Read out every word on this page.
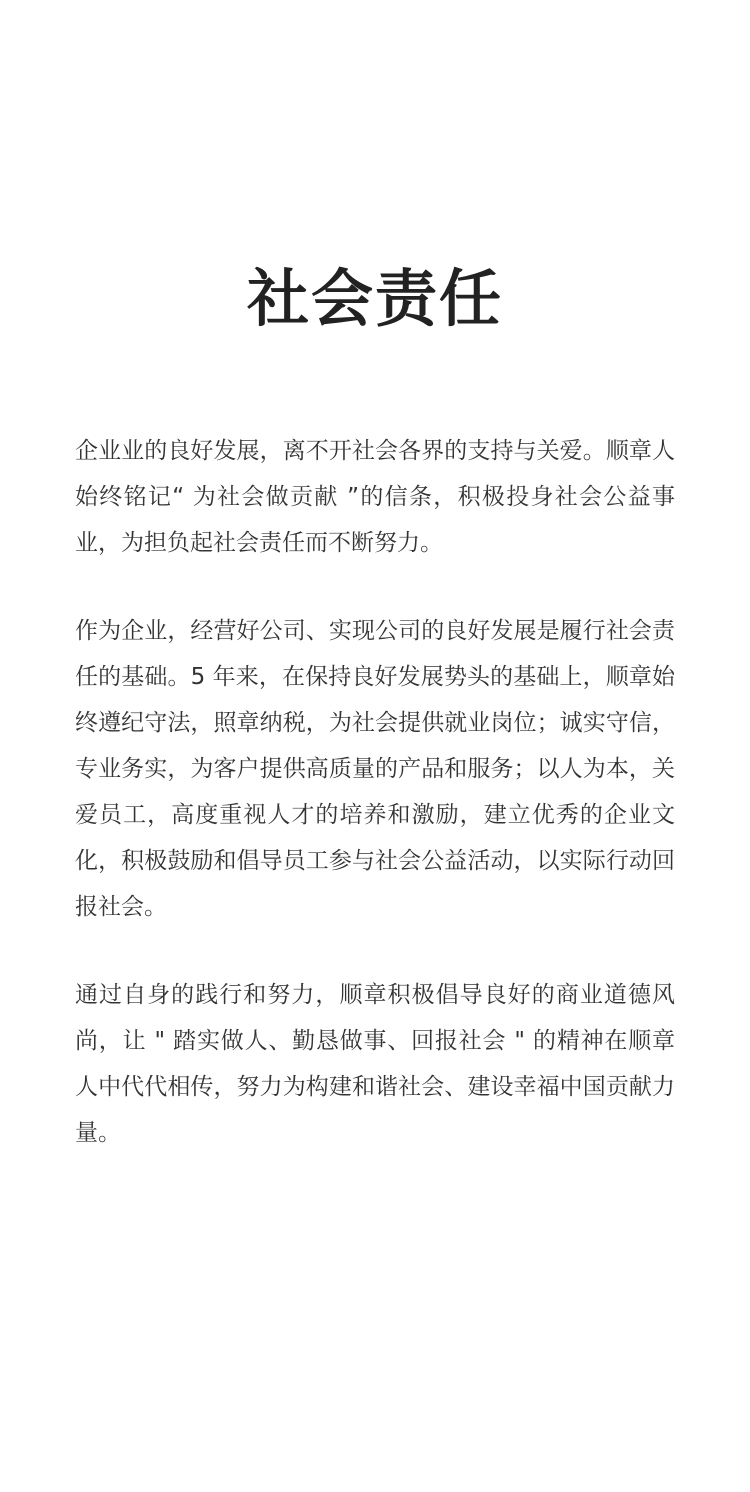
社会责任

企业业的良好发展，离不开社会各界的支持与关爱。顺章人始终铭记“ 为社会做贡献 ”的信条，积极投身社会公益事业，为担负起社会责任而不断努力。

作为企业，经营好公司、实现公司的良好发展是履行社会责任的基础。5 年来，在保持良好发展势头的基础上，顺章始终遵纪守法，照章纳税，为社会提供就业岗位；诚实守信，专业务实，为客户提供高质量的产品和服务；以人为本，关爱员工，高度重视人才的培养和激励，建立优秀的企业文化，积极鼓励和倡导员工参与社会公益活动，以实际行动回报社会。

通过自身的践行和努力，顺章积极倡导良好的商业道德风尚，让 " 踏实做人、勤恳做事、回报社会 " 的精神在顺章人中代代相传，努力为构建和谐社会、建设幸福中国贡献力量。
